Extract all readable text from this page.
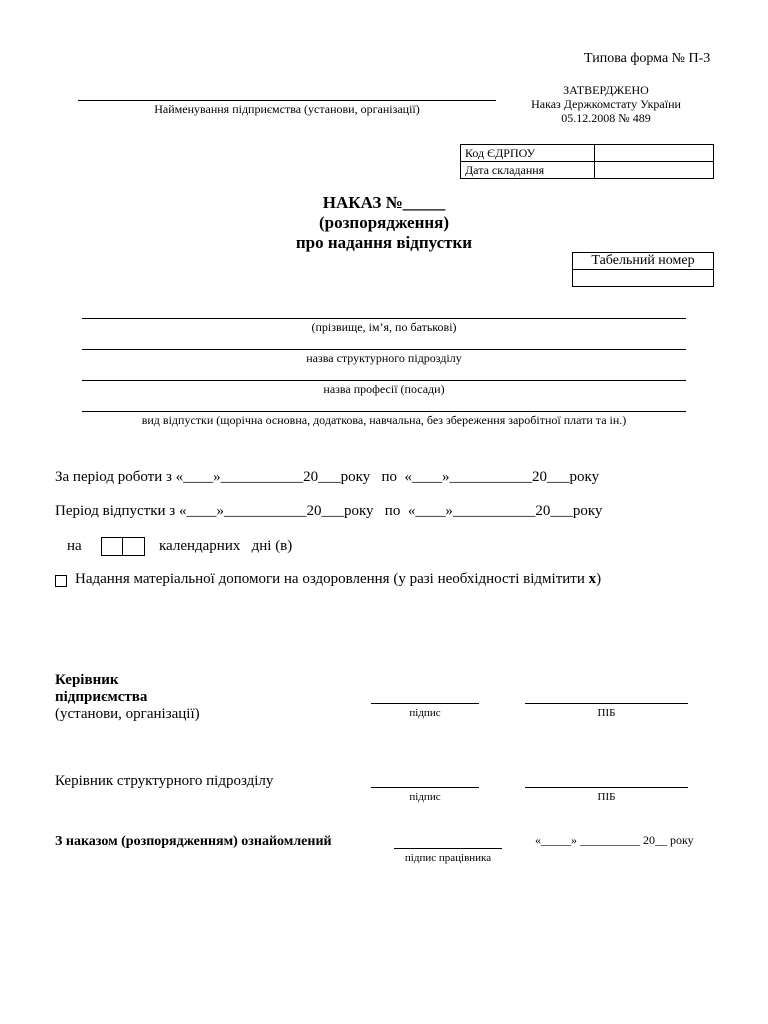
Типова форма № П-3
ЗАТВЕРДЖЕНО
Наказ Держкомстату України
05.12.2008 № 489
Найменування підприємства (установи, організації)
Код ЄДРПОУ	
Дата складання	
НАКАЗ №_____
(розпорядження)
про надання відпустки
Табельний номер

(прізвище, ім’я, по батькові)
назва структурного підрозділу
назва професії (посади)
вид відпустки (щорічна основна, додаткова, навчальна, без збереження заробітної плати та ін.)
За період роботи з «____»___________20___року   по  «____»___________20___року
Період відпустки з «____»___________20___року   по  «____»___________20___року
на	календарних   дні (в)
Надання матеріальної допомоги на оздоровлення (у разі необхідності відмітити х)
Керівник
підприємства
(установи, організації)	підпис	ПІБ
Керівник структурного підрозділу
підпис	ПІБ
З наказом (розпорядженням) ознайомлений
підпис працівника
«_____» __________ 20__ року
